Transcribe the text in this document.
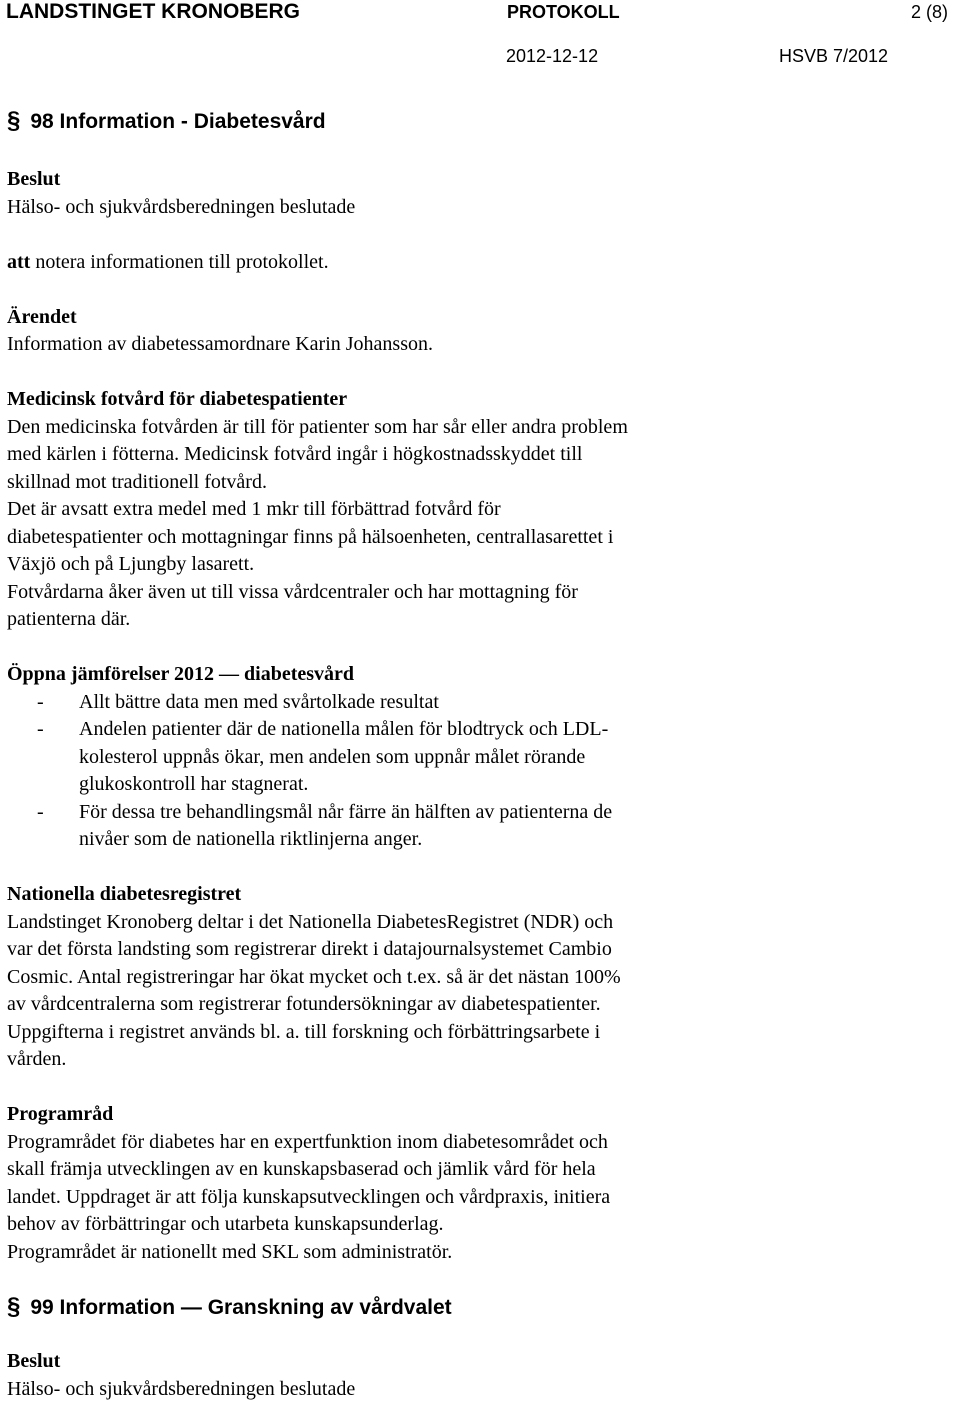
LANDSTINGET KRONOBERG	PROTOKOLL	2 (8)
2012-12-12	HSVB 7/2012
§ 98 Information - Diabetesvård

Beslut

Hälso- och sjukvårdsberedningen beslutade

att notera informationen till protokollet.

Ärendet

Information av diabetessamordnare Karin Johansson.

Medicinsk fotvård för diabetespatienter

Den medicinska fotvården är till för patienter som har sår eller andra problem

med kärlen i fötterna. Medicinsk fotvård ingår i högkostnadsskyddet till

skillnad mot traditionell fotvård.

Det är avsatt extra medel med 1 mkr till förbättrad fotvård för

diabetespatienter och mottagningar finns på hälsoenheten, centrallasarettet i

Växjö och på Ljungby lasarett.

Fotvårdarna åker även ut till vissa vårdcentraler och har mottagning för

patienterna där.

Öppna jämförelser 2012 — diabetesvård

- Allt bättre data men med svårtolkade resultat
- Andelen patienter där de nationella målen för blodtryck och LDL-
kolesterol uppnås ökar, men andelen som uppnår målet rörande
glukoskontroll har stagnerat.
- För dessa tre behandlingsmål når färre än hälften av patienterna de
nivåer som de nationella riktlinjerna anger.

Nationella diabetesregistret

Landstinget Kronoberg deltar i det Nationella DiabetesRegistret (NDR) och

var det första landsting som registrerar direkt i datajournalsystemet Cambio

Cosmic. Antal registreringar har ökat mycket och t.ex. så är det nästan 100%

av vårdcentralerna som registrerar fotundersökningar av diabetespatienter.

Uppgifterna i registret används bl. a. till forskning och förbättringsarbete i

vården.

Programråd

Programrådet för diabetes har en expertfunktion inom diabetesområdet och

skall främja utvecklingen av en kunskapsbaserad och jämlik vård för hela

landet. Uppdraget är att följa kunskapsutvecklingen och vårdpraxis, initiera

behov av förbättringar och utarbeta kunskapsunderlag.

Programrådet är nationellt med SKL som administratör.

§ 99 Information — Granskning av vårdvalet

Beslut

Hälso- och sjukvårdsberedningen beslutade
